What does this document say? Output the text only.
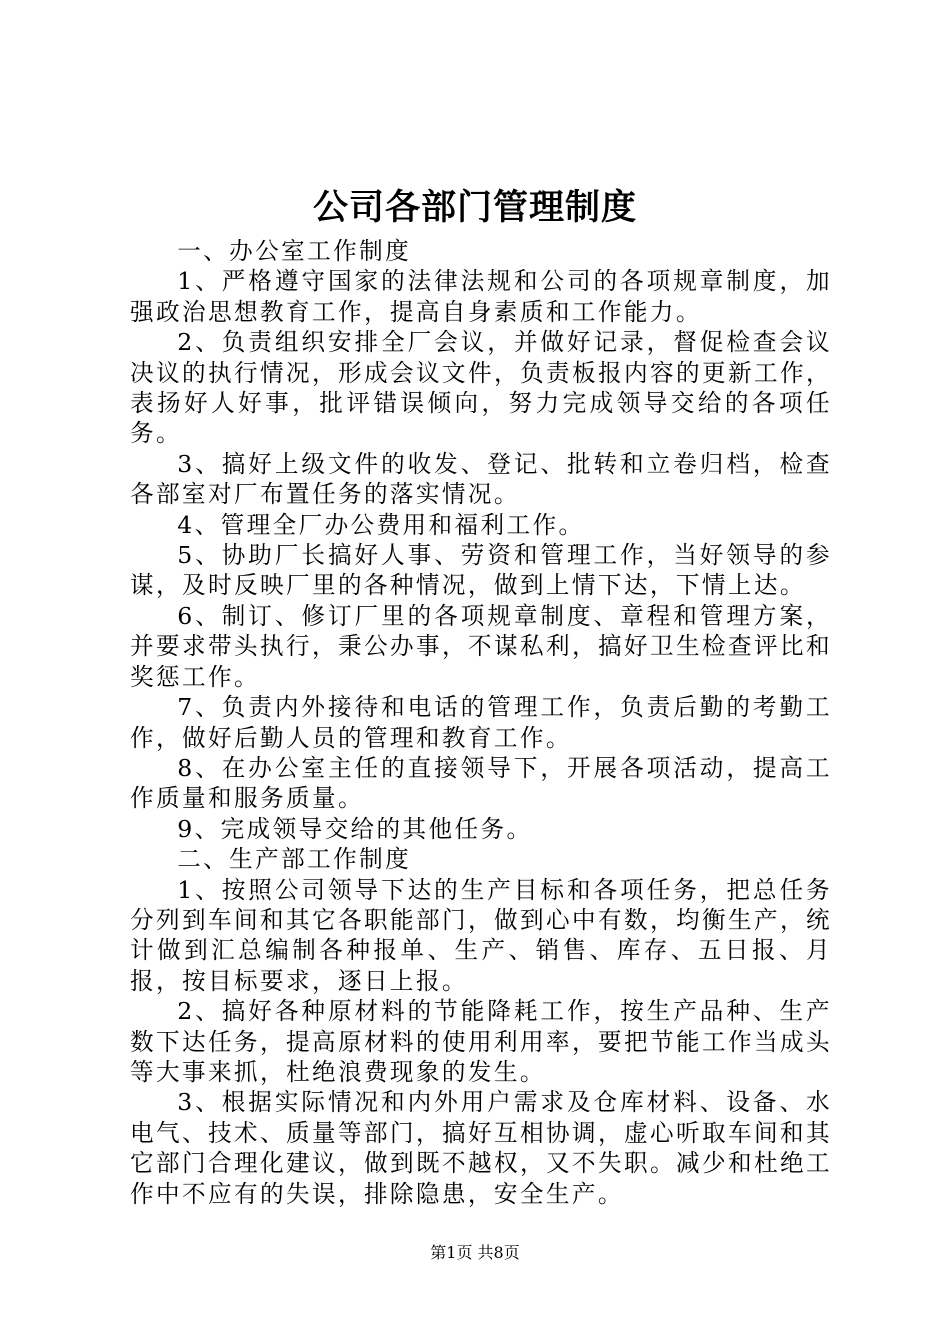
公司各部门管理制度

一、办公室工作制度

1、严格遵守国家的法律法规和公司的各项规章制度，加强政治思想教育工作，提高自身素质和工作能力。

2、负责组织安排全厂会议，并做好记录，督促检查会议决议的执行情况，形成会议文件，负责板报内容的更新工作，表扬好人好事，批评错误倾向，努力完成领导交给的各项任务。

3、搞好上级文件的收发、登记、批转和立卷归档，检查各部室对厂布置任务的落实情况。

4、管理全厂办公费用和福利工作。

5、协助厂长搞好人事、劳资和管理工作，当好领导的参谋，及时反映厂里的各种情况，做到上情下达，下情上达。

6、制订、修订厂里的各项规章制度、章程和管理方案，并要求带头执行，秉公办事，不谋私利，搞好卫生检查评比和奖惩工作。

7、负责内外接待和电话的管理工作，负责后勤的考勤工作，做好后勤人员的管理和教育工作。

8、在办公室主任的直接领导下，开展各项活动，提高工作质量和服务质量。

9、完成领导交给的其他任务。

二、生产部工作制度

1、按照公司领导下达的生产目标和各项任务，把总任务分列到车间和其它各职能部门，做到心中有数，均衡生产，统计做到汇总编制各种报单、生产、销售、库存、五日报、月报，按目标要求，逐日上报。

2、搞好各种原材料的节能降耗工作，按生产品种、生产数下达任务，提高原材料的使用利用率，要把节能工作当成头等大事来抓，杜绝浪费现象的发生。

3、根据实际情况和内外用户需求及仓库材料、设备、水电气、技术、质量等部门，搞好互相协调，虚心听取车间和其它部门合理化建议，做到既不越权，又不失职。减少和杜绝工作中不应有的失误，排除隐患，安全生产。

第1页 共8页
